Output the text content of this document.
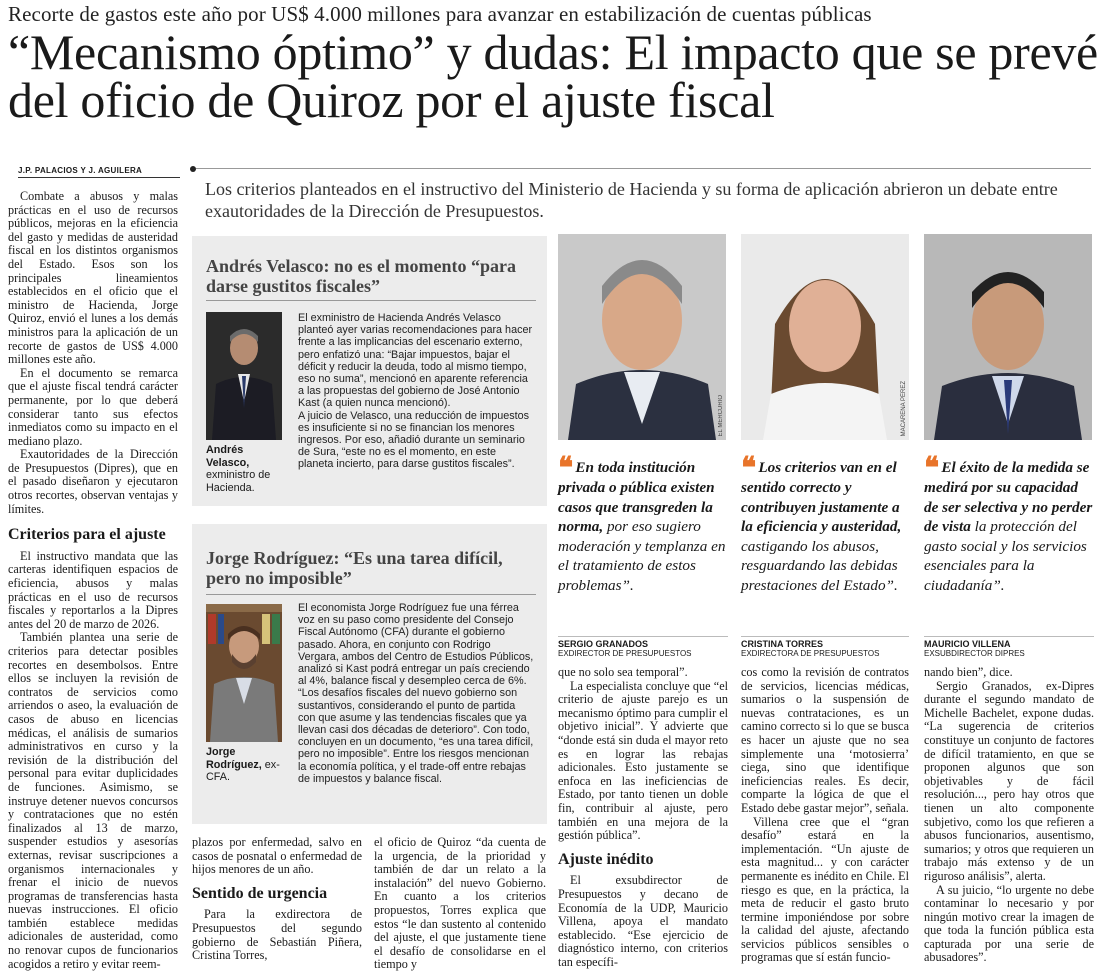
Recorte de gastos este año por US$ 4.000 millones para avanzar en estabilización de cuentas públicas
“Mecanismo óptimo” y dudas: El impacto que se prevé del oficio de Quiroz por el ajuste fiscal
J.P. PALACIOS Y J. AGUILERA
Los criterios planteados en el instructivo del Ministerio de Hacienda y su forma de aplicación abrieron un debate entre exautoridades de la Dirección de Presupuestos.

Combate a abusos y malas prácticas en el uso de recursos públicos, mejoras en la eficiencia del gasto y medidas de austeridad fiscal en los distintos organismos del Estado. Esos son los principales lineamientos establecidos en el oficio que el ministro de Hacienda, Jorge Quiroz, envió el lunes a los demás ministros para la aplicación de un recorte de gastos de US$ 4.000 millones este año.

En el documento se remarca que el ajuste fiscal tendrá carácter permanente, por lo que deberá considerar tanto sus efectos inmediatos como su impacto en el mediano plazo.

Exautoridades de la Dirección de Presupuestos (Dipres), que en el pasado diseñaron y ejecutaron otros recortes, observan ventajas y límites.

Criterios para el ajuste

El instructivo mandata que las carteras identifiquen espacios de eficiencia, abusos y malas prácticas en el uso de recursos fiscales y reportarlos a la Dipres antes del 20 de marzo de 2026.

También plantea una serie de criterios para detectar posibles recortes en desembolsos. Entre ellos se incluyen la revisión de contratos de servicios como arriendos o aseo, la evaluación de casos de abuso en licencias médicas, el análisis de sumarios administrativos en curso y la revisión de la distribución del personal para evitar duplicidades de funciones. Asimismo, se instruye detener nuevos concursos y contrataciones que no estén finalizados al 13 de marzo, suspender estudios y asesorías externas, revisar suscripciones a organismos internacionales y frenar el inicio de nuevos programas de transferencias hasta nuevas instrucciones. El oficio también establece medidas adicionales de austeridad, como no renovar cupos de funcionarios acogidos a retiro y evitar reem-

Andrés Velasco: no es el momento “para darse gustitos fiscales”
Andrés Velasco, exministro de Hacienda.

El exministro de Hacienda Andrés Velasco planteó ayer varias recomendaciones para hacer frente a las implicancias del escenario externo, pero enfatizó una: “Bajar impuestos, bajar el déficit y reducir la deuda, todo al mismo tiempo, eso no suma”, mencionó en aparente referencia a las propuestas del gobierno de José Antonio Kast (a quien nunca mencionó).

A juicio de Velasco, una reducción de impuestos es insuficiente si no se financian los menores ingresos. Por eso, añadió durante un seminario de Sura, “este no es el momento, en este planeta incierto, para darse gustitos fiscales”.

Jorge Rodríguez: “Es una tarea difícil, pero no imposible”
Jorge Rodríguez, ex-CFA.

El economista Jorge Rodríguez fue una férrea voz en su paso como presidente del Consejo Fiscal Autónomo (CFA) durante el gobierno pasado. Ahora, en conjunto con Rodrigo Vergara, ambos del Centro de Estudios Públicos, analizó si Kast podrá entregar un país creciendo al 4%, balance fiscal y desempleo cerca de 6%. “Los desafíos fiscales del nuevo gobierno son sustantivos, considerando el punto de partida con que asume y las tendencias fiscales que ya llevan casi dos décadas de deterioro”. Con todo, concluyen en un documento, “es una tarea difícil, pero no imposible”. Entre los riesgos mencionan la economía política, y el trade-off entre rebajas de impuestos y balance fiscal.

plazos por enfermedad, salvo en casos de posnatal o enfermedad de hijos menores de un año.

Sentido de urgencia

Para la exdirectora de Presupuestos del segundo gobierno de Sebastián Piñera, Cristina Torres,

el oficio de Quiroz “da cuenta de la urgencia, de la prioridad y también de dar un relato a la instalación” del nuevo Gobierno. En cuanto a los criterios propuestos, Torres explica que estos “le dan sustento al contenido del ajuste, el que justamente tiene el desafío de consolidarse en el tiempo y

EL MERCURIO	MACARENA PÉREZ
❛❛ En toda institución privada o pública existen casos que transgreden la norma, por eso sugiero moderación y templanza en el tratamiento de estos problemas”.
❛❛ Los criterios van en el sentido correcto y contribuyen justamente a la eficiencia y austeridad, castigando los abusos, resguardando las debidas prestaciones del Estado”.
❛❛ El éxito de la medida se medirá por su capacidad de ser selectiva y no perder de vista la protección del gasto social y los servicios esenciales para la ciudadanía”.
SERGIO GRANADOS
EXDIRECTOR DE PRESUPUESTOS
CRISTINA TORRES
EXDIRECTORA DE PRESUPUESTOS
MAURICIO VILLENA
EXSUBDIRECTOR DIPRES

que no solo sea temporal”.

La especialista concluye que “el criterio de ajuste parejo es un mecanismo óptimo para cumplir el objetivo inicial”. Y advierte que “donde está sin duda el mayor reto es en lograr las rebajas adicionales. Esto justamente se enfoca en las ineficiencias de Estado, por tanto tienen un doble fin, contribuir al ajuste, pero también en una mejora de la gestión pública”.

Ajuste inédito

El exsubdirector de Presupuestos y decano de Economía de la UDP, Mauricio Villena, apoya el mandato establecido. “Ese ejercicio de diagnóstico interno, con criterios tan específi-

cos como la revisión de contratos de servicios, licencias médicas, sumarios o la suspensión de nuevas contrataciones, es un camino correcto si lo que se busca es hacer un ajuste que no sea simplemente una ‘motosierra’ ciega, sino que identifique ineficiencias reales. Es decir, comparte la lógica de que el Estado debe gastar mejor”, señala.

Villena cree que el “gran desafío” estará en la implementación. “Un ajuste de esta magnitud... y con carácter permanente es inédito en Chile. El riesgo es que, en la práctica, la meta de reducir el gasto bruto termine imponiéndose por sobre la calidad del ajuste, afectando servicios públicos sensibles o programas que sí están funcio-

nando bien”, dice.

Sergio Granados, ex-Dipres durante el segundo mandato de Michelle Bachelet, expone dudas. “La sugerencia de criterios constituye un conjunto de factores de difícil tratamiento, en que se proponen algunos que son objetivables y de fácil resolución..., pero hay otros que tienen un alto componente subjetivo, como los que refieren a abusos funcionarios, ausentismo, sumarios; y otros que requieren un trabajo más extenso y de un riguroso análisis”, alerta.

A su juicio, “lo urgente no debe contaminar lo necesario y por ningún motivo crear la imagen de que toda la función pública esta capturada por una serie de abusadores”.
